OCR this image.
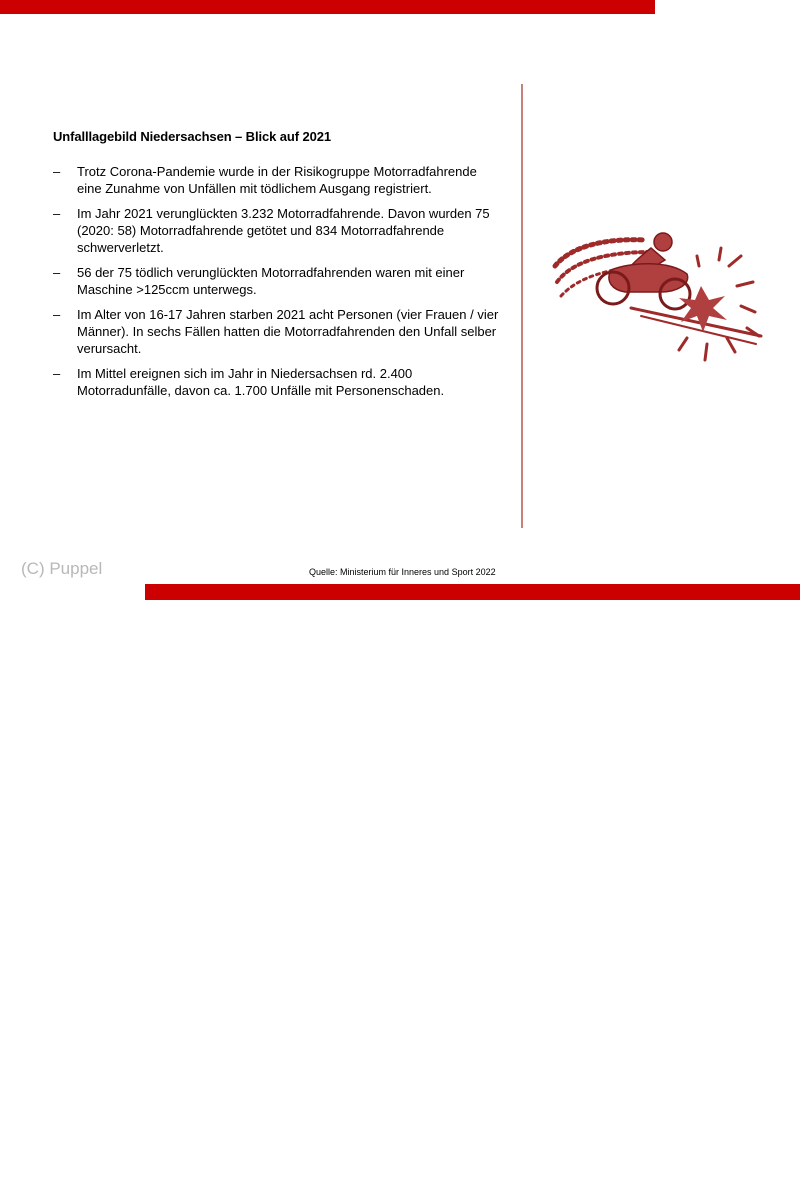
Unfalllagebild Niedersachsen – Blick auf 2021
– Trotz Corona-Pandemie wurde in der Risikogruppe Motorradfahrende eine Zunahme von Unfällen mit tödlichem Ausgang registriert.
– Im Jahr 2021 verunglückten 3.232 Motorradfahrende. Davon wurden 75 (2020: 58) Motorradfahrende getötet und 834 Motorradfahrende schwerverletzt.
– 56 der 75 tödlich verunglückten Motorradfahrenden waren mit einer Maschine >125ccm unterwegs.
– Im Alter von 16-17 Jahren starben 2021 acht Personen (vier Frauen / vier Männer). In sechs Fällen hatten die Motorradfahrenden den Unfall selber verursacht.
– Im Mittel ereignen sich im Jahr in Niedersachsen rd. 2.400 Motorradunfälle, davon ca. 1.700 Unfälle mit Personenschaden.
Quelle: Ministerium für Inneres und Sport 2022
(C) Puppel
3
